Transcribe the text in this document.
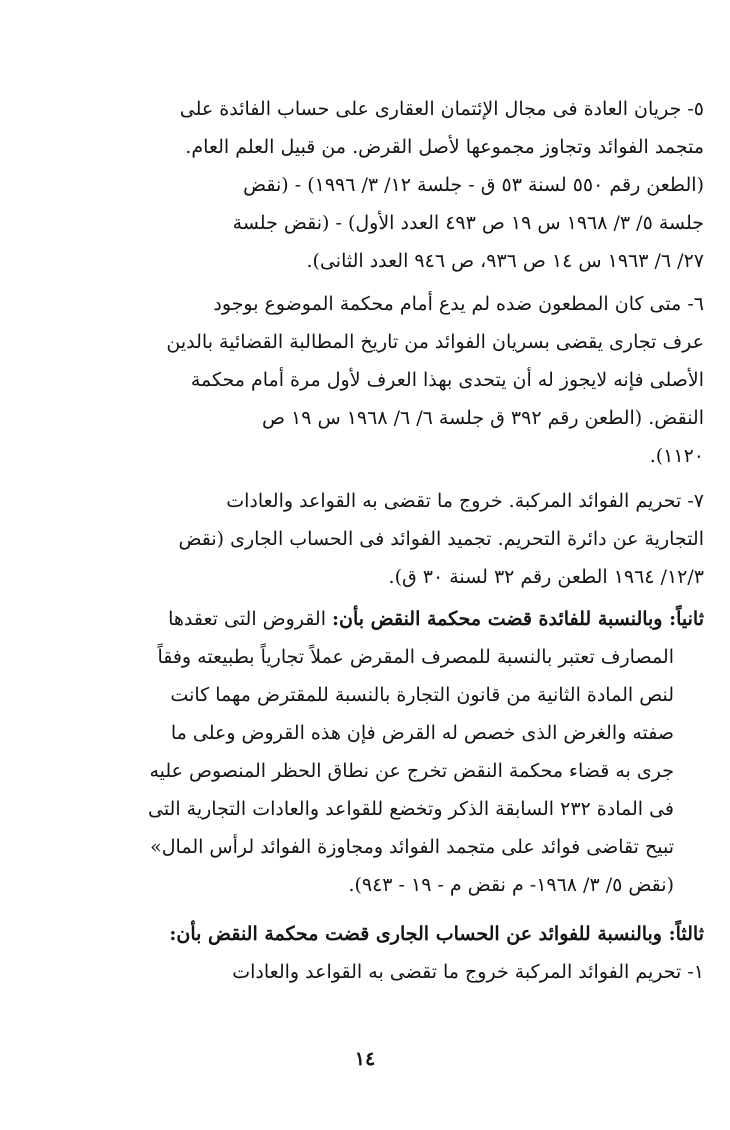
٥- جريان العادة فى مجال الإئتمان العقارى على حساب الفائدة على
متجمد الفوائد وتجاوز مجموعها لأصل القرض. من قبيل العلم العام.
(الطعن رقم ٥٥٠ لسنة ٥٣ ق - جلسة ١٢/ ٣/ ١٩٩٦) - (نقض
جلسة ٥/ ٣/ ١٩٦٨ س ١٩ ص ٤٩٣ العدد الأول) - (نقض جلسة
٢٧/ ٦/ ١٩٦٣ س ١٤ ص ٩٣٦، ص ٩٤٦ العدد الثانى).
٦- متى كان المطعون ضده لم يدع أمام محكمة الموضوع بوجود
عرف تجارى يقضى بسريان الفوائد من تاريخ المطالبة القضائية بالدين
الأصلى فإنه لايجوز له أن يتحدى بهذا العرف لأول مرة أمام محكمة
النقض. (الطعن رقم ٣٩٢ ق جلسة ٦/ ٦/ ١٩٦٨ س ١٩ ص
١١٢٠).
٧- تحريم الفوائد المركبة. خروج ما تقضى به القواعد والعادات
التجارية عن دائرة التحريم. تجميد الفوائد فى الحساب الجارى (نقض
١٢/٣/ ١٩٦٤ الطعن رقم ٣٢ لسنة ٣٠ ق).
ثانياً: وبالنسبة للفائدة قضت محكمة النقض بأن: القروض التى تعقدها
المصارف تعتبر بالنسبة للمصرف المقرض عملاً تجارياً بطبيعته وفقاً
لنص المادة الثانية من قانون التجارة بالنسبة للمقترض مهما كانت
صفته والغرض الذى خصص له القرض فإن هذه القروض وعلى ما
جرى به قضاء محكمة النقض تخرج عن نطاق الحظر المنصوص عليه
فى المادة ٢٣٢ السابقة الذكر وتخضع للقواعد والعادات التجارية التى
تبيح تقاضى فوائد على متجمد الفوائد ومجاوزة الفوائد لرأس المال»
(نقض ٥/ ٣/ ١٩٦٨- م نقض م - ١٩ - ٩٤٣).
ثالثاً: وبالنسبة للفوائد عن الحساب الجارى قضت محكمة النقض بأن:
١- تحريم الفوائد المركبة خروج ما تقضى به القواعد والعادات
١٤
